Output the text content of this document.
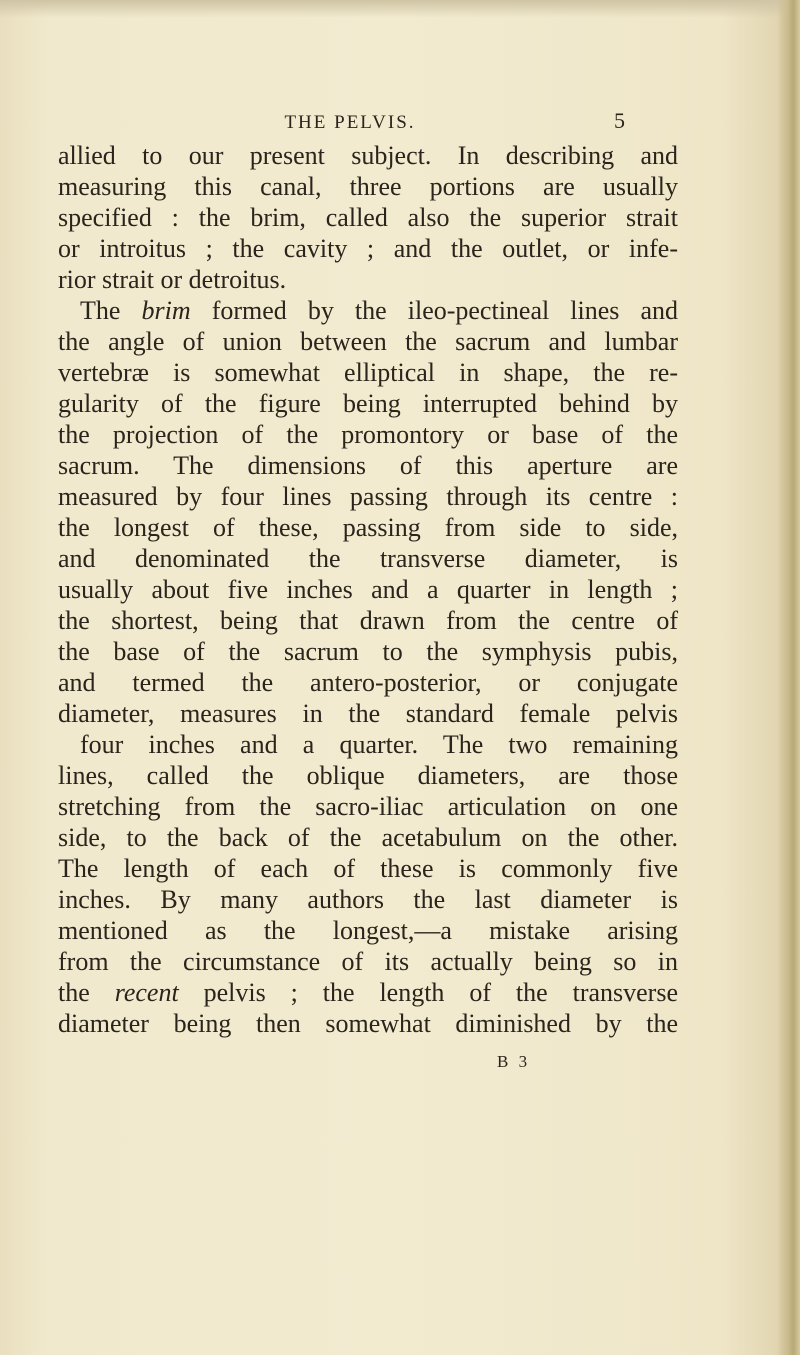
THE PELVIS.	5
allied to our present subject. In describing and
measuring this canal, three portions are usually
specified : the brim, called also the superior strait
or introitus ; the cavity ; and the outlet, or infe-
rior strait or detroitus.
The brim formed by the ileo-pectineal lines and
the angle of union between the sacrum and lumbar
vertebræ is somewhat elliptical in shape, the re-
gularity of the figure being interrupted behind by
the projection of the promontory or base of the
sacrum. The dimensions of this aperture are
measured by four lines passing through its centre :
the longest of these, passing from side to side,
and denominated the transverse diameter, is
usually about five inches and a quarter in length ;
the shortest, being that drawn from the centre of
the base of the sacrum to the symphysis pubis,
and termed the antero-posterior, or conjugate
diameter, measures in the standard female pelvis
four inches and a quarter. The two remaining
lines, called the oblique diameters, are those
stretching from the sacro-iliac articulation on one
side, to the back of the acetabulum on the other.
The length of each of these is commonly five
inches. By many authors the last diameter is
mentioned as the longest,—a mistake arising
from the circumstance of its actually being so in
the recent pelvis ; the length of the transverse
diameter being then somewhat diminished by the
B 3
